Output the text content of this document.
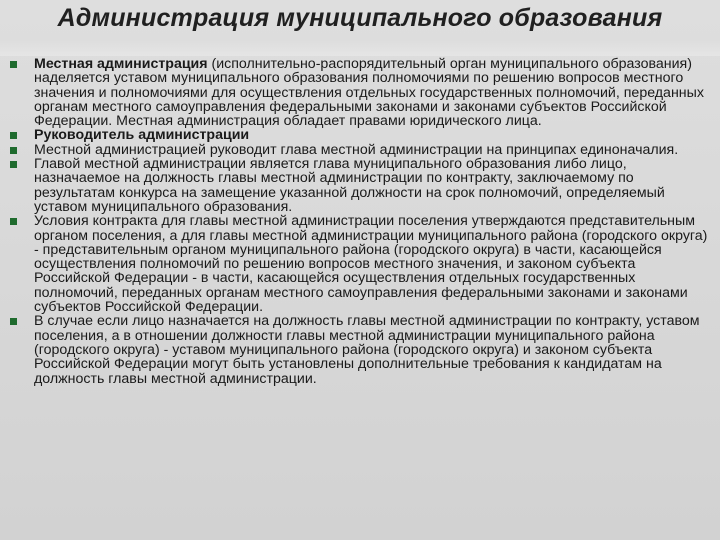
Администрация муниципального образования
Местная администрация (исполнительно-распорядительный орган муниципального образования) наделяется уставом муниципального образования полномочиями по решению вопросов местного значения и полномочиями для осуществления отдельных государственных полномочий, переданных органам местного самоуправления федеральными законами и законами субъектов Российской Федерации. Местная администрация обладает правами юридического лица.
Руководитель администрации
Местной администрацией руководит глава местной администрации на принципах единоначалия.
Главой местной администрации является глава муниципального образования либо лицо, назначаемое на должность главы местной администрации по контракту, заключаемому по результатам конкурса на замещение указанной должности на срок полномочий, определяемый уставом муниципального образования.
Условия контракта для главы местной администрации поселения утверждаются представительным органом поселения, а для главы местной администрации муниципального района (городского округа) - представительным органом муниципального района (городского округа) в части, касающейся осуществления полномочий по решению вопросов местного значения, и законом субъекта Российской Федерации - в части, касающейся осуществления отдельных государственных полномочий, переданных органам местного самоуправления федеральными законами и законами субъектов Российской Федерации.
В случае если лицо назначается на должность главы местной администрации по контракту, уставом поселения, а в отношении должности главы местной администрации муниципального района (городского округа) - уставом муниципального района (городского округа) и законом субъекта Российской Федерации могут быть установлены дополнительные требования к кандидатам на должность главы местной администрации.
